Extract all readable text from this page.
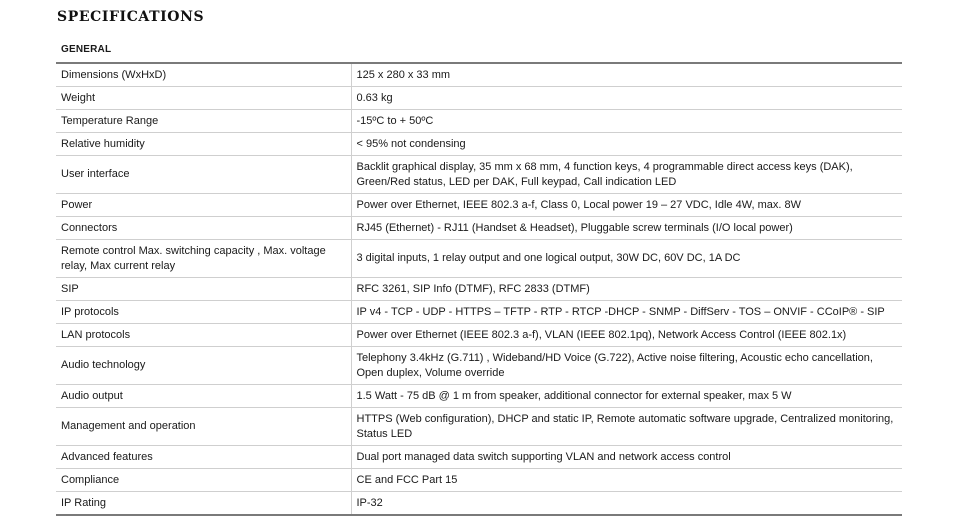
SPECIFICATIONS
GENERAL	
Dimensions (WxHxD)	125 x 280 x 33 mm
Weight	0.63 kg
Temperature Range	-15ºC to + 50ºC
Relative humidity	< 95% not condensing
User interface	Backlit graphical display, 35 mm x 68 mm, 4 function keys, 4 programmable direct access keys (DAK), Green/Red status, LED per DAK, Full keypad, Call indication LED
Power	Power over Ethernet, IEEE 802.3 a-f, Class 0, Local power 19 – 27 VDC, Idle 4W, max. 8W
Connectors	RJ45 (Ethernet) - RJ11 (Handset & Headset), Pluggable screw terminals (I/O local power)
Remote control Max. switching capacity , Max. voltage relay, Max current relay	3 digital inputs, 1 relay output and one logical output, 30W DC, 60V DC, 1A DC
SIP	RFC 3261, SIP Info (DTMF), RFC 2833 (DTMF)
IP protocols	IP v4 - TCP - UDP - HTTPS – TFTP - RTP - RTCP -DHCP - SNMP - DiffServ - TOS – ONVIF - CCoIP® - SIP
LAN protocols	Power over Ethernet (IEEE 802.3 a-f), VLAN (IEEE 802.1pq), Network Access Control (IEEE 802.1x)
Audio technology	Telephony 3.4kHz (G.711) , Wideband/HD Voice (G.722), Active noise filtering, Acoustic echo cancellation, Open duplex, Volume override
Audio output	1.5 Watt - 75 dB @ 1 m from speaker, additional connector for external speaker, max 5 W
Management and operation	HTTPS (Web configuration), DHCP and static IP, Remote automatic software upgrade, Centralized monitoring, Status LED
Advanced features	Dual port managed data switch supporting VLAN and network access control
Compliance	CE and FCC Part 15
IP Rating	IP-32
